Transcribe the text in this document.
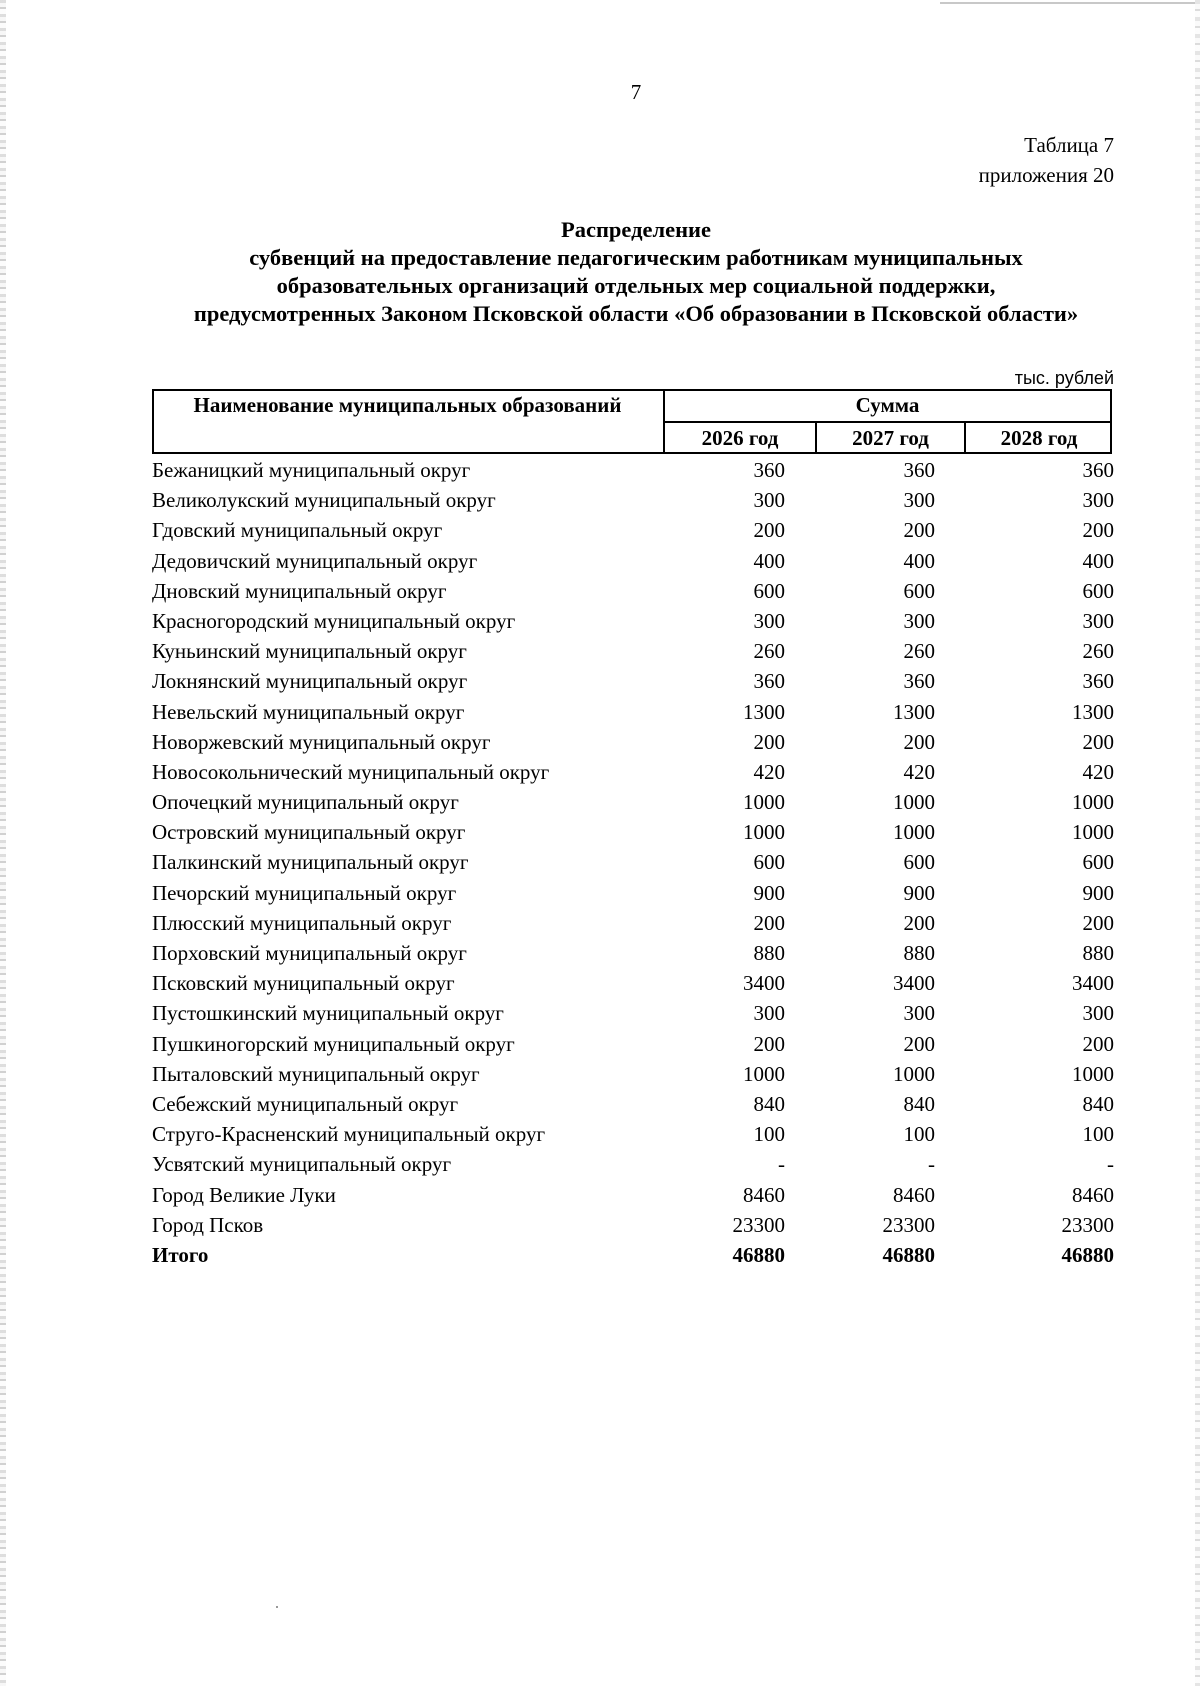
7
Таблица 7
приложения 20
Распределение
субвенций на предоставление педагогическим работникам муниципальных
образовательных организаций отдельных мер социальной поддержки,
предусмотренных Законом Псковской области «Об образовании в Псковской области»
тыс. рублей
Наименование муниципальных образований	Сумма
2026 год	2027 год	2028 год
Бежаницкий муниципальный округ	360	360	360
Великолукский муниципальный округ	300	300	300
Гдовский муниципальный округ	200	200	200
Дедовичский муниципальный округ	400	400	400
Дновский муниципальный округ	600	600	600
Красногородский муниципальный округ	300	300	300
Куньинский муниципальный округ	260	260	260
Локнянский муниципальный округ	360	360	360
Невельский муниципальный округ	1300	1300	1300
Новоржевский муниципальный округ	200	200	200
Новосокольнический муниципальный округ	420	420	420
Опочецкий муниципальный округ	1000	1000	1000
Островский муниципальный округ	1000	1000	1000
Палкинский муниципальный округ	600	600	600
Печорский муниципальный округ	900	900	900
Плюсский муниципальный округ	200	200	200
Порховский муниципальный округ	880	880	880
Псковский муниципальный округ	3400	3400	3400
Пустошкинский муниципальный округ	300	300	300
Пушкиногорский муниципальный округ	200	200	200
Пыталовский муниципальный округ	1000	1000	1000
Себежский муниципальный округ	840	840	840
Струго-Красненский муниципальный округ	100	100	100
Усвятский муниципальный округ	-	-	-
Город Великие Луки	8460	8460	8460
Город Псков	23300	23300	23300
Итого	46880	46880	46880
